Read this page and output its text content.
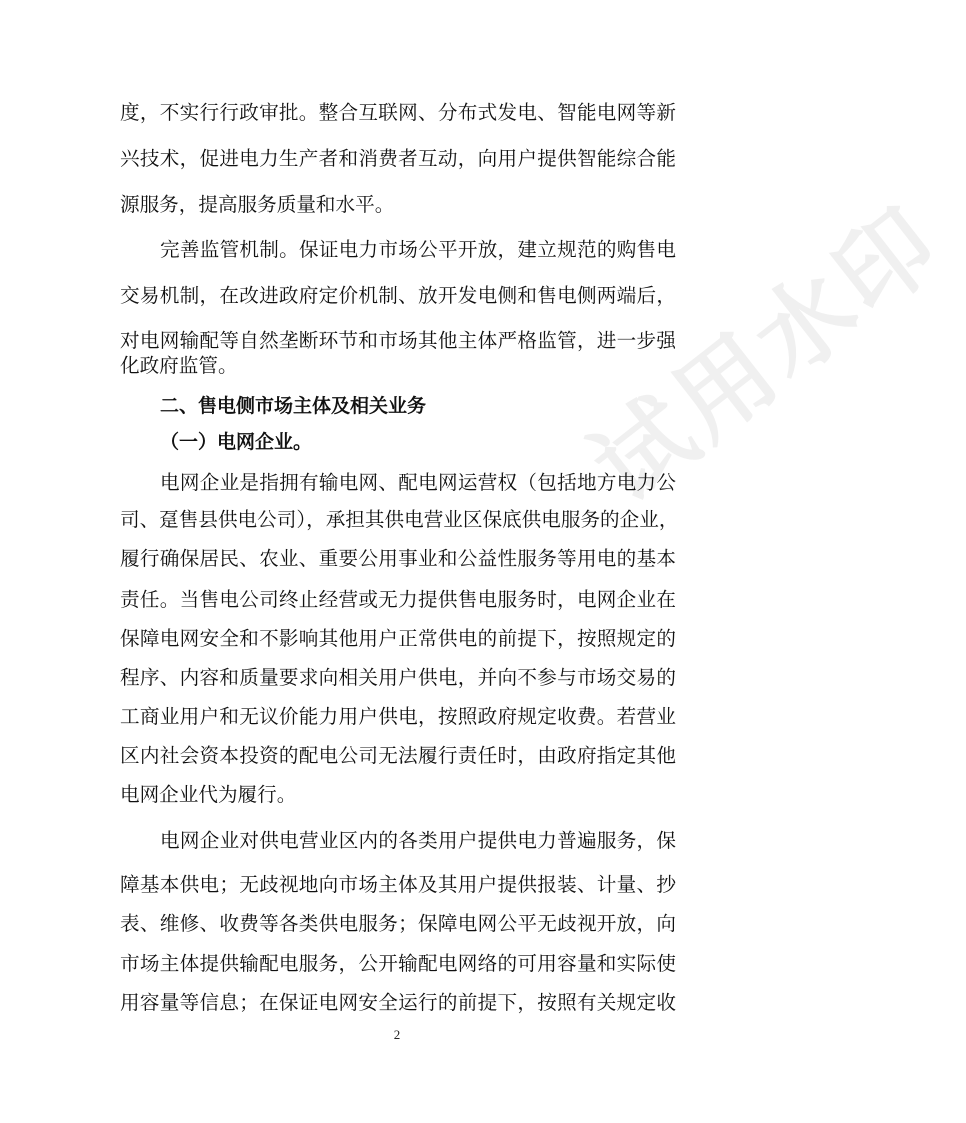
试用水印
度，不实行行政审批。整合互联网、分布式发电、智能电网等新
兴技术，促进电力生产者和消费者互动，向用户提供智能综合能
源服务，提高服务质量和水平。
完善监管机制。保证电力市场公平开放，建立规范的购售电
交易机制，在改进政府定价机制、放开发电侧和售电侧两端后，
对电网输配等自然垄断环节和市场其他主体严格监管，进一步强
化政府监管。
二、售电侧市场主体及相关业务
（一）电网企业。
电网企业是指拥有输电网、配电网运营权（包括地方电力公
司、趸售县供电公司），承担其供电营业区保底供电服务的企业，
履行确保居民、农业、重要公用事业和公益性服务等用电的基本
责任。当售电公司终止经营或无力提供售电服务时，电网企业在
保障电网安全和不影响其他用户正常供电的前提下，按照规定的
程序、内容和质量要求向相关用户供电，并向不参与市场交易的
工商业用户和无议价能力用户供电，按照政府规定收费。若营业
区内社会资本投资的配电公司无法履行责任时，由政府指定其他
电网企业代为履行。
电网企业对供电营业区内的各类用户提供电力普遍服务，保
障基本供电；无歧视地向市场主体及其用户提供报装、计量、抄
表、维修、收费等各类供电服务；保障电网公平无歧视开放，向
市场主体提供输配电服务，公开输配电网络的可用容量和实际使
用容量等信息；在保证电网安全运行的前提下，按照有关规定收
2
